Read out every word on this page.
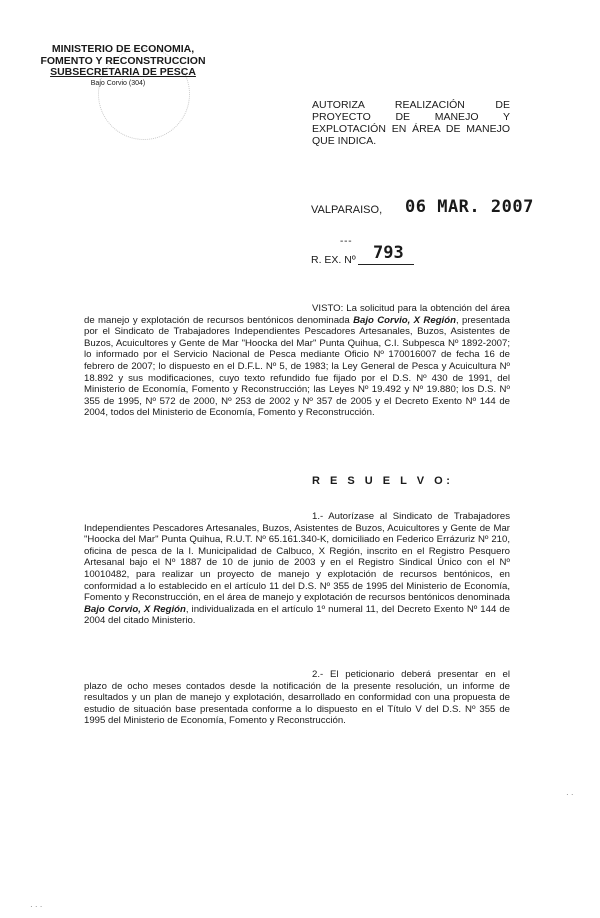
MINISTERIO DE ECONOMIA,
FOMENTO Y RECONSTRUCCION
SUBSECRETARIA DE PESCA
Bajo Corvio (304)
AUTORIZA REALIZACIÓN DE
PROYECTO DE MANEJO Y
EXPLOTACIÓN EN ÁREA DE MANEJO
QUE INDICA.
VALPARAISO, 06 MAR. 2007
- - -
R. EX. Nº 793

VISTO: La solicitud para la obtención del área de manejo y explotación de recursos bentónicos denominada Bajo Corvio, X Región, presentada por el Sindicato de Trabajadores Independientes Pescadores Artesanales, Buzos, Asistentes de Buzos, Acuicultores y Gente de Mar "Hoocka del Mar" Punta Quihua, C.I. Subpesca Nº 1892-2007; lo informado por el Servicio Nacional de Pesca mediante Oficio Nº 170016007 de fecha 16 de febrero de 2007; lo dispuesto en el D.F.L. Nº 5, de 1983; la Ley General de Pesca y Acuicultura Nº 18.892 y sus modificaciones, cuyo texto refundido fue fijado por el D.S. Nº 430 de 1991, del Ministerio de Economía, Fomento y Reconstrucción; las Leyes Nº 19.492 y Nº 19.880; los D.S. Nº 355 de 1995, Nº 572 de 2000, Nº 253 de 2002 y Nº 357 de 2005 y el Decreto Exento Nº 144 de 2004, todos del Ministerio de Economía, Fomento y Reconstrucción.

R E S U E L V O:

1.- Autorízase al Sindicato de Trabajadores Independientes Pescadores Artesanales, Buzos, Asistentes de Buzos, Acuicultores y Gente de Mar "Hoocka del Mar" Punta Quihua, R.U.T. Nº 65.161.340-K, domiciliado en Federico Errázuriz Nº 210, oficina de pesca de la I. Municipalidad de Calbuco, X Región, inscrito en el Registro Pesquero Artesanal bajo el Nº 1887 de 10 de junio de 2003 y en el Registro Sindical Único con el Nº 10010482, para realizar un proyecto de manejo y explotación de recursos bentónicos, en conformidad a lo establecido en el artículo 11 del D.S. Nº 355 de 1995 del Ministerio de Economía, Fomento y Reconstrucción, en el área de manejo y explotación de recursos bentónicos denominada Bajo Corvio, X Región, individualizada en el artículo 1º numeral 11, del Decreto Exento Nº 144 de 2004 del citado Ministerio.

2.- El peticionario deberá presentar en el plazo de ocho meses contados desde la notificación de la presente resolución, un informe de resultados y un plan de manejo y explotación, desarrollado en conformidad con una propuesta de estudio de situación base presentada conforme a lo dispuesto en el Título V del D.S. Nº 355 de 1995 del Ministerio de Economía, Fomento y Reconstrucción.

· ·
· · ·
